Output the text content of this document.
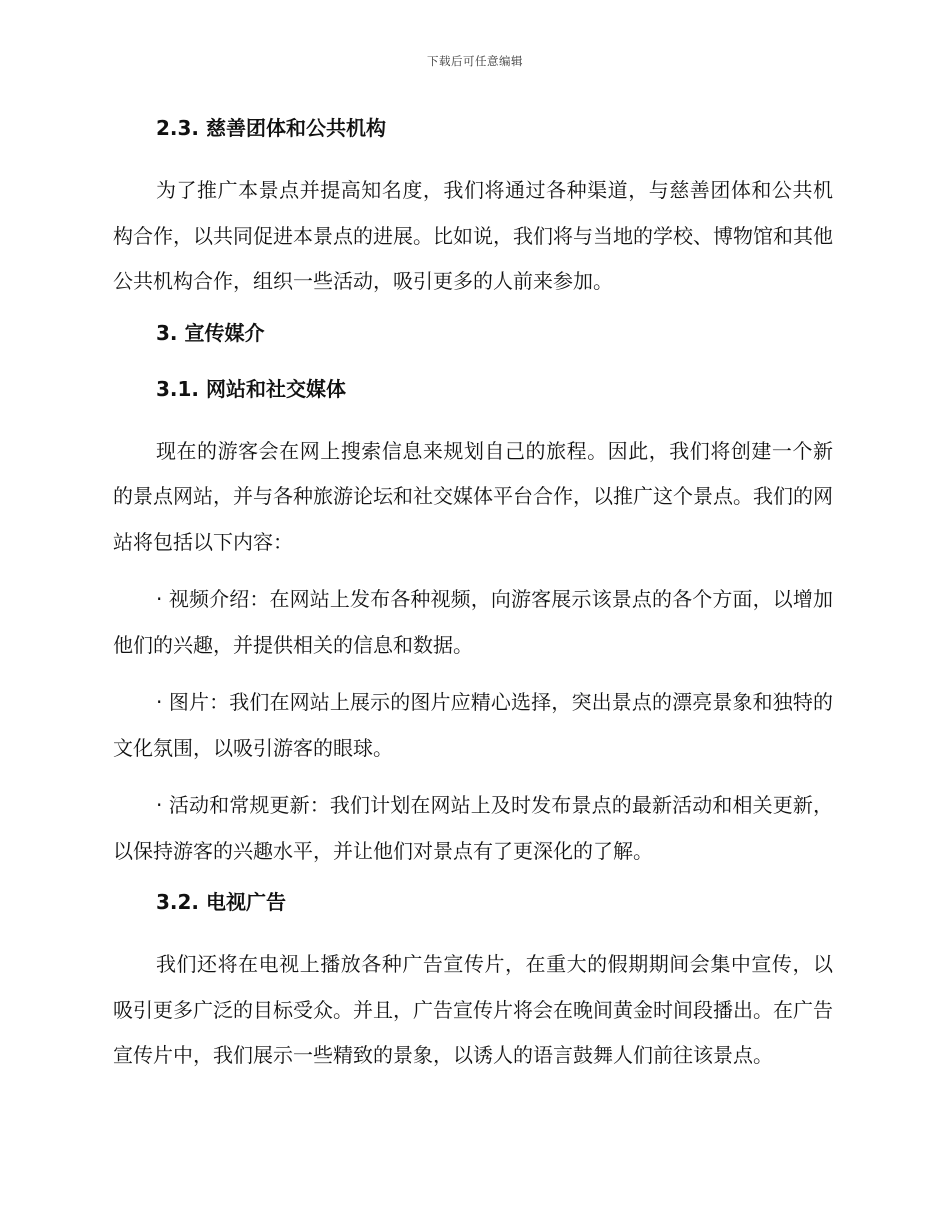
下载后可任意编辑
2.3. 慈善团体和公共机构

为了推广本景点并提高知名度，我们将通过各种渠道，与慈善团体和公共机构合作，以共同促进本景点的进展。比如说，我们将与当地的学校、博物馆和其他公共机构合作，组织一些活动，吸引更多的人前来参加。

3. 宣传媒介
3.1. 网站和社交媒体

现在的游客会在网上搜索信息来规划自己的旅程。因此，我们将创建一个新的景点网站，并与各种旅游论坛和社交媒体平台合作，以推广这个景点。我们的网站将包括以下内容：

· 视频介绍：在网站上发布各种视频，向游客展示该景点的各个方面，以增加他们的兴趣，并提供相关的信息和数据。

· 图片：我们在网站上展示的图片应精心选择，突出景点的漂亮景象和独特的文化氛围，以吸引游客的眼球。

· 活动和常规更新：我们计划在网站上及时发布景点的最新活动和相关更新，以保持游客的兴趣水平，并让他们对景点有了更深化的了解。

3.2. 电视广告

我们还将在电视上播放各种广告宣传片，在重大的假期期间会集中宣传，以吸引更多广泛的目标受众。并且，广告宣传片将会在晚间黄金时间段播出。在广告宣传片中，我们展示一些精致的景象，以诱人的语言鼓舞人们前往该景点。
